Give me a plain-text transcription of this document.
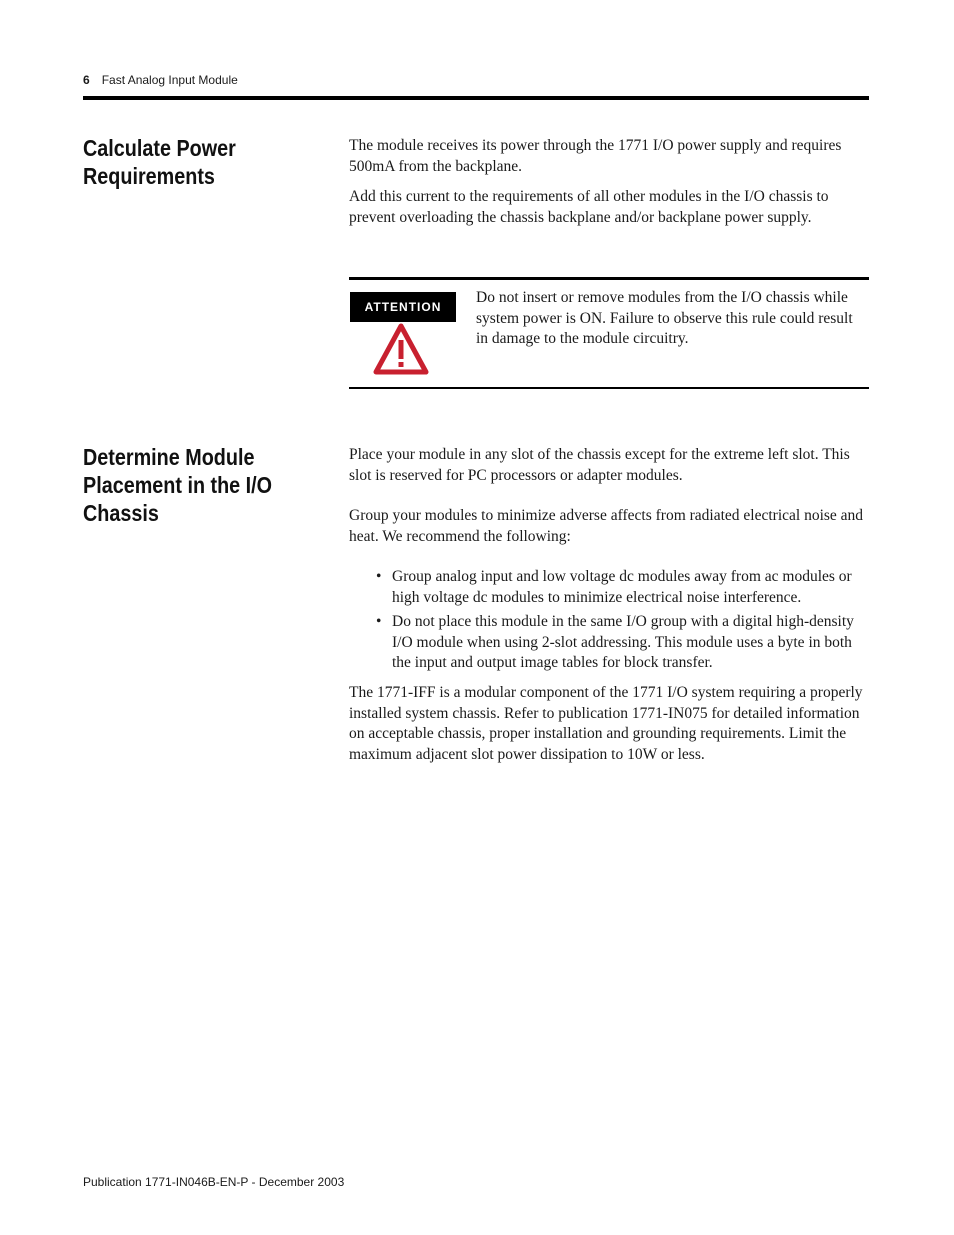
6 Fast Analog Input Module
Calculate Power Requirements

The module receives its power through the 1771 I/O power supply and requires 500mA from the backplane.

Add this current to the requirements of all other modules in the I/O chassis to prevent overloading the chassis backplane and/or backplane power supply.

ATTENTION
Do not insert or remove modules from the I/O chassis while system power is ON. Failure to observe this rule could result in damage to the module circuitry.
Determine Module Placement in the I/O Chassis

Place your module in any slot of the chassis except for the extreme left slot. This slot is reserved for PC processors or adapter modules.

Group your modules to minimize adverse affects from radiated electrical noise and heat. We recommend the following:

• Group analog input and low voltage dc modules away from ac modules or high voltage dc modules to minimize electrical noise interference.
• Do not place this module in the same I/O group with a digital high-density I/O module when using 2-slot addressing. This module uses a byte in both the input and output image tables for block transfer.

The 1771-IFF is a modular component of the 1771 I/O system requiring a properly installed system chassis. Refer to publication 1771-IN075 for detailed information on acceptable chassis, proper installation and grounding requirements. Limit the maximum adjacent slot power dissipation to 10W or less.

Publication 1771-IN046B-EN-P - December 2003
